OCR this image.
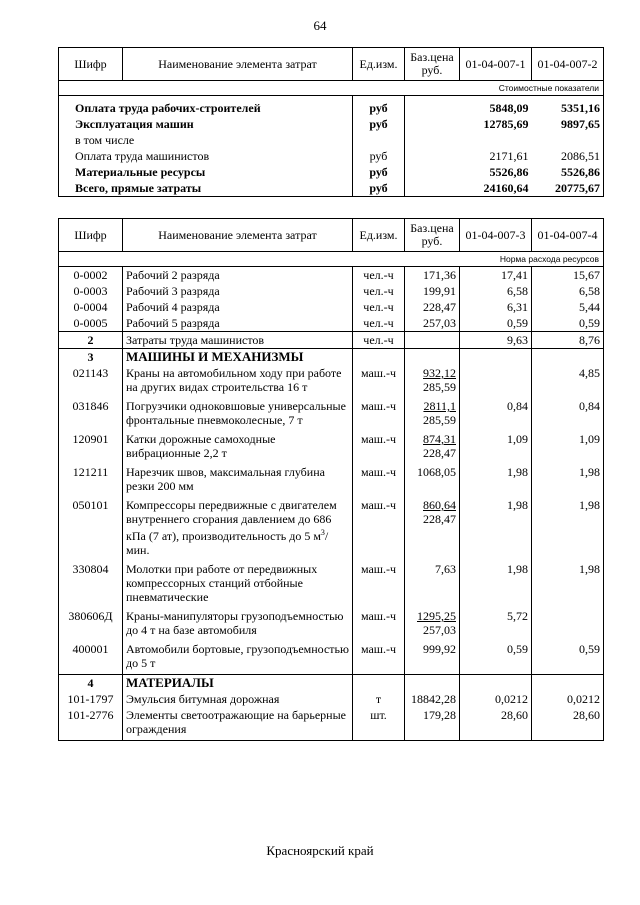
64
Шифр	Наименование элемента затрат	Ед.изм.	Баз.цена руб.	01-04-007-1	01-04-007-2
Стоимостные показатели					
Оплата труда рабочих-строителей		руб		5848,09	5351,16
Эксплуатация машин		руб		12785,69	9897,65
в том числе					
Оплата труда машинистов		руб		2171,61	2086,51
Материальные ресурсы		руб		5526,86	5526,86
Всего, прямые затраты		руб		24160,64	20775,67
Шифр	Наименование элемента затрат	Ед.изм.	Баз.цена руб.	01-04-007-3	01-04-007-4
Норма расхода ресурсов					
0-0002	Рабочий 2 разряда	чел.-ч	171,36	17,41	15,67
0-0003	Рабочий 3 разряда	чел.-ч	199,91	6,58	6,58
0-0004	Рабочий 4 разряда	чел.-ч	228,47	6,31	5,44
0-0005	Рабочий 5 разряда	чел.-ч	257,03	0,59	0,59
2	Затраты труда машинистов	чел.-ч		9,63	8,76
3	МАШИНЫ И МЕХАНИЗМЫ				
021143	Краны на автомобильном ходу при работе на других видах строительства 16 т	маш.-ч	$\frac{932,12}{285,59}$		4,85
031846	Погрузчики одноковшовые универсальные фронтальные пневмоколесные, 7 т	маш.-ч	$\frac{2811,1}{285,59}$	0,84	0,84
120901	Катки дорожные самоходные вибрационные 2,2 т	маш.-ч	$\frac{874,31}{228,47}$	1,09	1,09
121211	Нарезчик швов, максимальная глубина резки 200 мм	маш.-ч	1068,05	1,98	1,98
050101	Компрессоры передвижные с двигателем внутреннего сгорания давлением до 686 кПа (7 ат), производительность до 5 $м^3$/мин.	маш.-ч	$\frac{860,64}{228,47}$	1,98	1,98
330804	Молотки при работе от передвижных компрессорных станций отбойные пневматические	маш.-ч	7,63	1,98	1,98
380606Д	Краны-манипуляторы грузоподъемностью до 4 т на базе автомобиля	маш.-ч	$\frac{1295,25}{257,03}$	5,72	
400001	Автомобили бортовые, грузоподъемностью до 5 т	маш.-ч	999,92	0,59	0,59
4	МАТЕРИАЛЫ				
101-1797	Эмульсия битумная дорожная	т	18842,28	0,0212	0,0212
101-2776	Элементы светоотражающие на барьерные ограждения	шт.	179,28	28,60	28,60
Красноярский край
